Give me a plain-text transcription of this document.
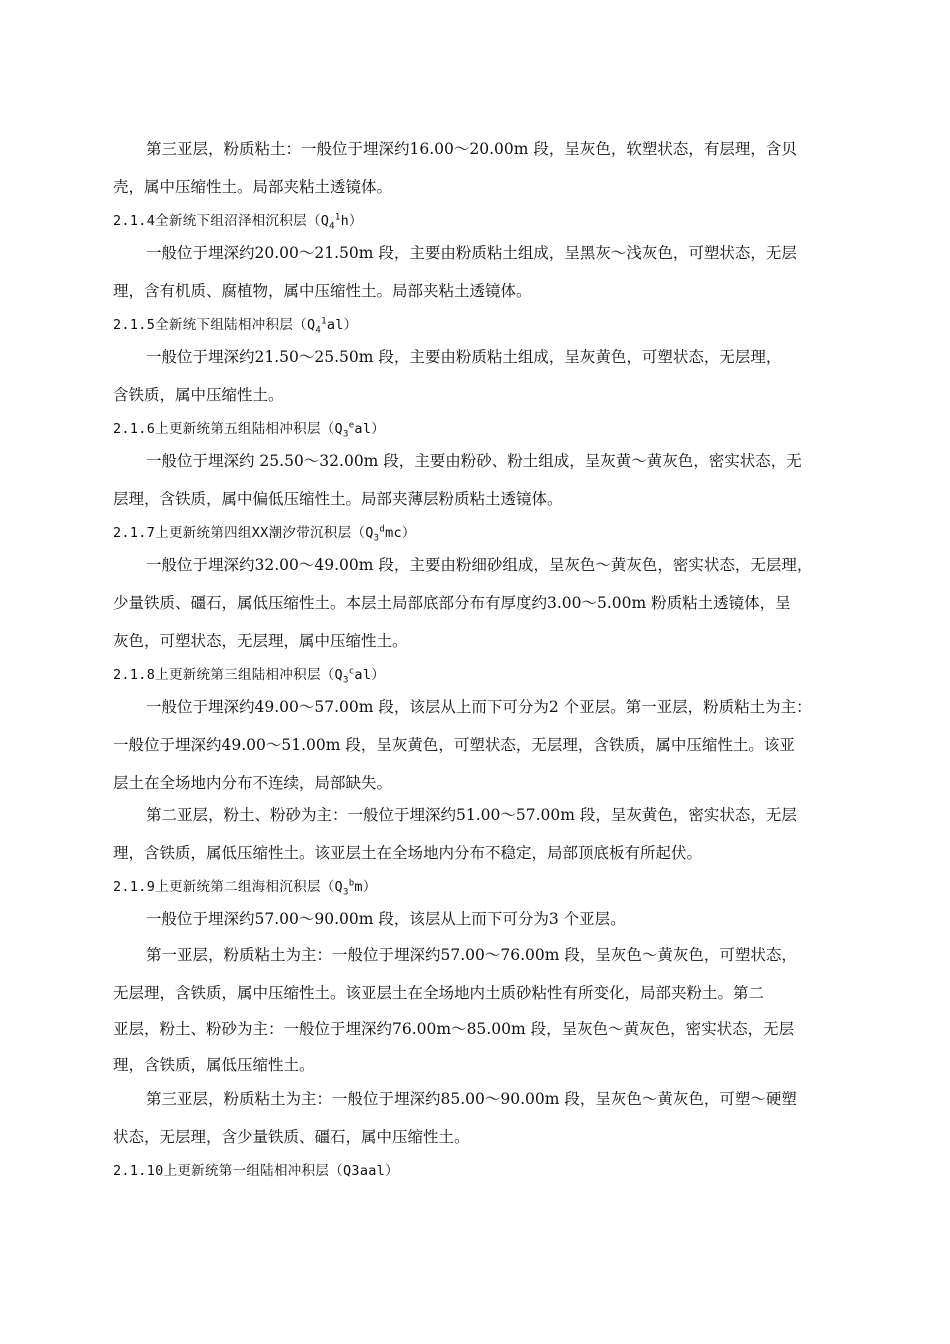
第三亚层，粉质粘土：一般位于埋深约16.00～20.00m 段，呈灰色，软塑状态，有层理，含贝
壳，属中压缩性土。局部夹粘土透镜体。
2.1.4全新统下组沼泽相沉积层$(Q_4^1h)$
一般位于埋深约20.00～21.50m 段，主要由粉质粘土组成，呈黑灰～浅灰色，可塑状态，无层
理，含有机质、腐植物，属中压缩性土。局部夹粘土透镜体。
2.1.5全新统下组陆相冲积层$(Q_4^1al)$
一般位于埋深约21.50～25.50m 段，主要由粉质粘土组成，呈灰黄色，可塑状态，无层理，
含铁质，属中压缩性土。
2.1.6上更新统第五组陆相冲积层$(Q_3^eal)$
一般位于埋深约 25.50～32.00m 段，主要由粉砂、粉土组成，呈灰黄～黄灰色，密实状态，无
层理，含铁质，属中偏低压缩性土。局部夹薄层粉质粘土透镜体。
2.1.7上更新统第四组XX潮汐带沉积层$(Q_3^dmc)$
一般位于埋深约32.00～49.00m 段，主要由粉细砂组成，呈灰色～黄灰色，密实状态，无层理，
少量铁质、礓石，属低压缩性土。本层土局部底部分布有厚度约3.00～5.00m 粉质粘土透镜体，呈
灰色，可塑状态，无层理，属中压缩性土。
2.1.8上更新统第三组陆相冲积层$(Q_3^cal)$
一般位于埋深约49.00～57.00m 段，该层从上而下可分为2 个亚层。第一亚层，粉质粘土为主：
一般位于埋深约49.00～51.00m 段，呈灰黄色，可塑状态，无层理，含铁质，属中压缩性土。该亚
层土在全场地内分布不连续，局部缺失。
第二亚层，粉土、粉砂为主：一般位于埋深约51.00～57.00m 段，呈灰黄色，密实状态，无层
理，含铁质，属低压缩性土。该亚层土在全场地内分布不稳定，局部顶底板有所起伏。
2.1.9上更新统第二组海相沉积层$(Q_3^bm)$
一般位于埋深约57.00～90.00m 段，该层从上而下可分为3 个亚层。
第一亚层，粉质粘土为主：一般位于埋深约57.00～76.00m 段，呈灰色～黄灰色，可塑状态，
无层理，含铁质，属中压缩性土。该亚层土在全场地内土质砂粘性有所变化，局部夹粉土。第二
亚层，粉土、粉砂为主：一般位于埋深约76.00m～85.00m 段，呈灰色～黄灰色，密实状态，无层
理，含铁质，属低压缩性土。
第三亚层，粉质粘土为主：一般位于埋深约85.00～90.00m 段，呈灰色～黄灰色，可塑～硬塑
状态，无层理，含少量铁质、礓石，属中压缩性土。
2.1.10上更新统第一组陆相冲积层（Q3aal）
